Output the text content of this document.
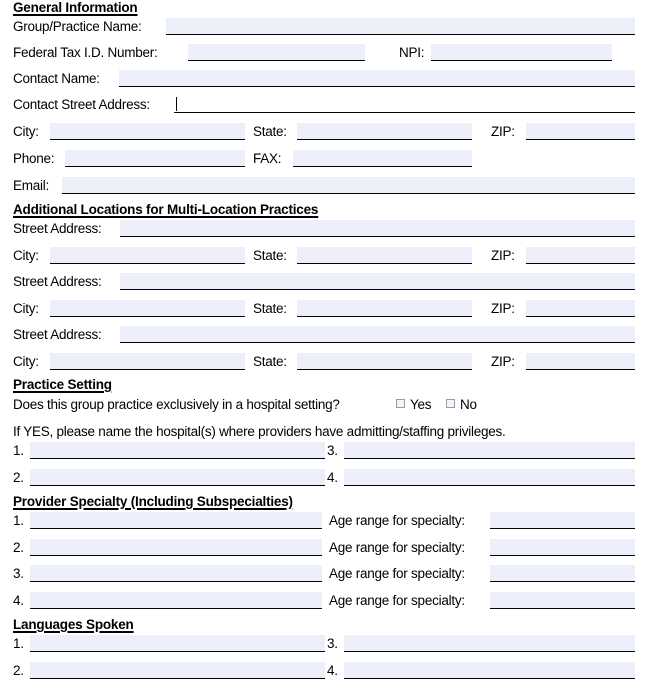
General Information
Group/Practice Name:
Federal Tax I.D. Number:	NPI:
Contact Name:
Contact Street Address:
City:	State:	ZIP:
Phone:	FAX:
Email:
Additional Locations for Multi-Location Practices
Street Address:
City:	State:	ZIP:
Street Address:
City:	State:	ZIP:
Street Address:
City:	State:	ZIP:
Practice Setting
Does this group practice exclusively in a hospital setting?	Yes No
If YES, please name the hospital(s) where providers have admitting/staffing privileges.
1.	3.
2.	4.
Provider Specialty (Including Subspecialties)
1.	Age range for specialty:
2.	Age range for specialty:
3.	Age range for specialty:
4.	Age range for specialty:
Languages Spoken
1.	3.
2.	4.
